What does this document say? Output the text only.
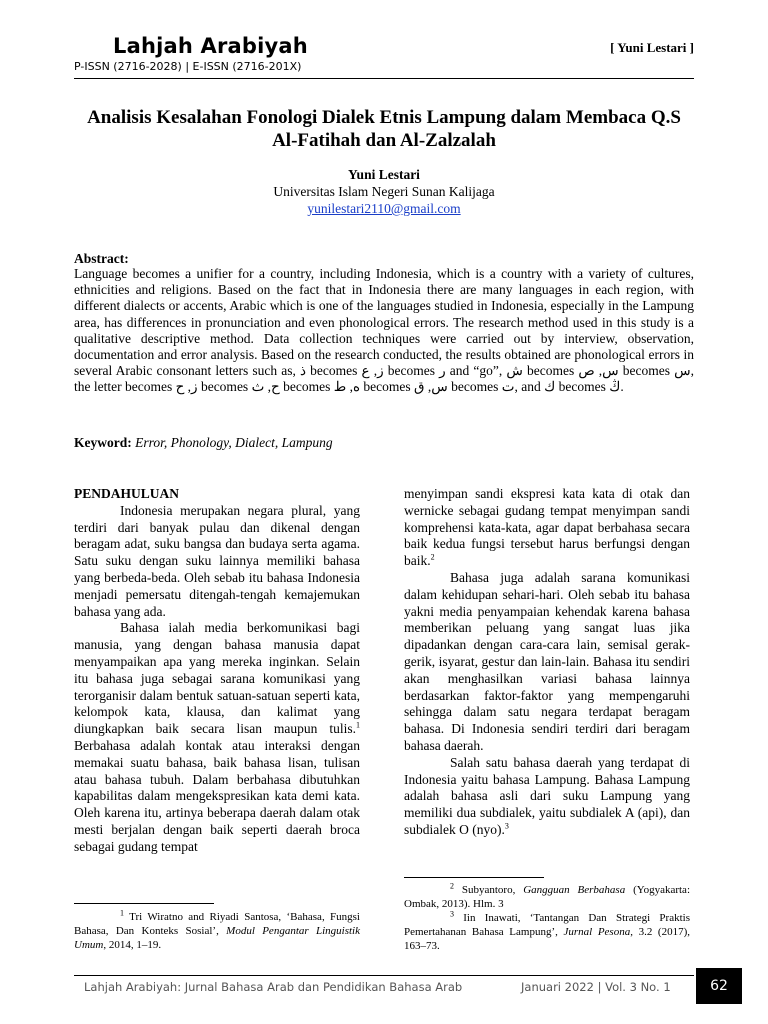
Lahjah Arabiyah
P-ISSN (2716-2028) | E-ISSN (2716-201X)
[ Yuni Lestari ]
Analisis Kesalahan Fonologi Dialek Etnis Lampung dalam Membaca Q.S Al-Fatihah dan Al-Zalzalah
Yuni Lestari
Universitas Islam Negeri Sunan Kalijaga
yunilestari2110@gmail.com
Abstract:

Language becomes a unifier for a country, including Indonesia, which is a country with a variety of cultures, ethnicities and religions. Based on the fact that in Indonesia there are many languages in each region, with different dialects or accents, Arabic which is one of the languages studied in Indonesia, especially in the Lampung area, has differences in pronunciation and even phonological errors. The research method used in this study is a qualitative descriptive method. Data collection techniques were carried out by interview, observation, documentation and error analysis. Based on the research conducted, the results obtained are phonological errors in several Arabic consonant letters such as, ذ becomes ز, ع becomes ر and “go”, ش becomes س, ص becomes س, the letter becomes ز, ح becomes ح, ث becomes ه, ط becomes س, ق becomes ت, and ك becomes ڭ.

Keyword: Error, Phonology, Dialect, Lampung

PENDAHULUAN

Indonesia merupakan negara plural, yang terdiri dari banyak pulau dan dikenal dengan beragam adat, suku bangsa dan budaya serta agama. Satu suku dengan suku lainnya memiliki bahasa yang berbeda-beda. Oleh sebab itu bahasa Indonesia menjadi pemersatu ditengah-tengah kemajemukan bahasa yang ada.

Bahasa ialah media berkomunikasi bagi manusia, yang dengan bahasa manusia dapat menyampaikan apa yang mereka inginkan. Selain itu bahasa juga sebagai sarana komunikasi yang terorganisir dalam bentuk satuan-satuan seperti kata, kelompok kata, klausa, dan kalimat yang diungkapkan baik secara lisan maupun tulis.$^1$ Berbahasa adalah kontak atau interaksi dengan memakai suatu bahasa, baik bahasa lisan, tulisan atau bahasa tubuh. Dalam berbahasa dibutuhkan kapabilitas dalam mengekspresikan kata demi kata. Oleh karena itu, artinya beberapa daerah dalam otak mesti berjalan dengan baik seperti daerah broca sebagai gudang tempat

menyimpan sandi ekspresi kata kata di otak dan wernicke sebagai gudang tempat menyimpan sandi komprehensi kata-kata, agar dapat berbahasa secara baik kedua fungsi tersebut harus berfungsi dengan baik.$^2$

Bahasa juga adalah sarana komunikasi dalam kehidupan sehari-hari. Oleh sebab itu bahasa yakni media penyampaian kehendak karena bahasa memberikan peluang yang sangat luas jika dipadankan dengan cara-cara lain, semisal gerak-gerik, isyarat, gestur dan lain-lain. Bahasa itu sendiri akan menghasilkan variasi bahasa lainnya berdasarkan faktor-faktor yang mempengaruhi sehingga dalam satu negara terdapat beragam bahasa. Di Indonesia sendiri terdiri dari beragam bahasa daerah.

Salah satu bahasa daerah yang terdapat di Indonesia yaitu bahasa Lampung. Bahasa Lampung adalah bahasa asli dari suku Lampung yang memiliki dua subdialek, yaitu subdialek A (api), dan subdialek O (nyo).$^3$

$^1$ Tri Wiratno and Riyadi Santosa, ‘Bahasa, Fungsi Bahasa, Dan Konteks Sosial’, Modul Pengantar Linguistik Umum, 2014, 1–19.

$^2$ Subyantoro, Gangguan Berbahasa (Yogyakarta: Ombak, 2013). Hlm. 3

$^3$ Iin Inawati, ‘Tantangan Dan Strategi Praktis Pemertahanan Bahasa Lampung’, Jurnal Pesona, 3.2 (2017), 163–73.

Lahjah Arabiyah: Jurnal Bahasa Arab dan Pendidikan Bahasa Arab	Januari 2022 | Vol. 3 No. 1	62
